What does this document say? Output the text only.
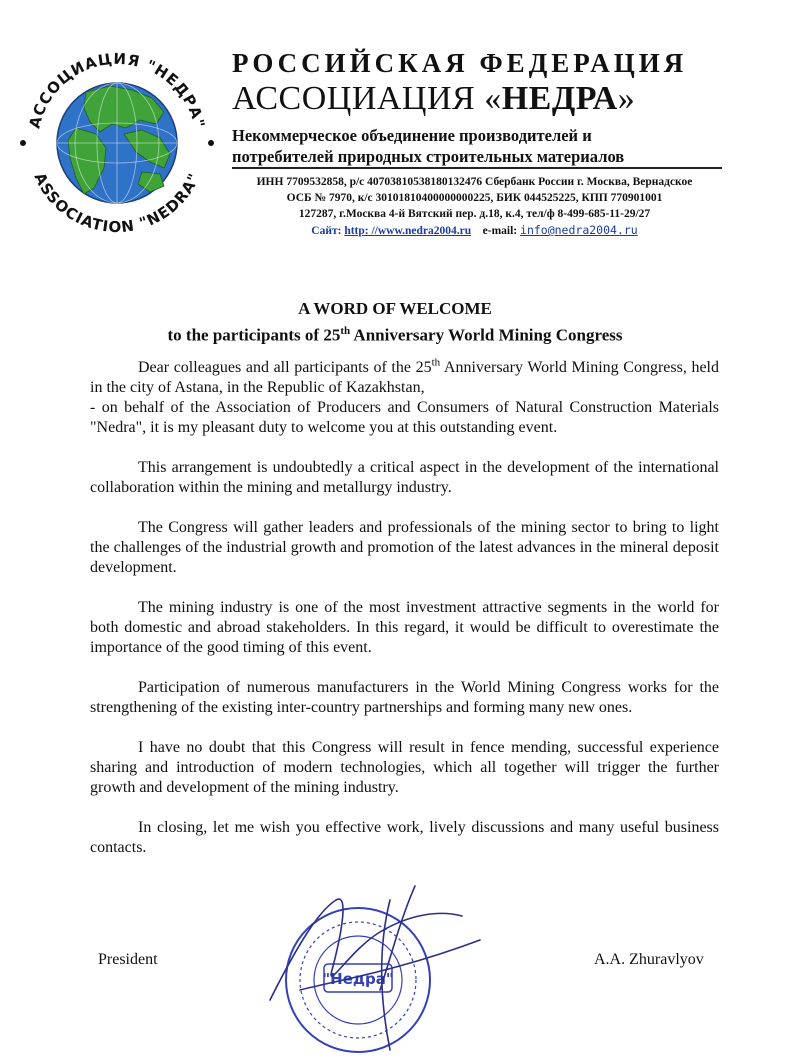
АССОЦИАЦИЯ "НЕДРА"
ASSOCIATION "NEDRA"
РОССИЙСКАЯ ФЕДЕРАЦИЯ
АССОЦИАЦИЯ «НЕДРА»
Некоммерческое объединение производителей и
потребителей природных строительных материалов
ИНН 7709532858, р/с 40703810538180132476 Сбербанк России г. Москва, Вернадское
ОСБ № 7970, к/с 30101810400000000225, БИК 044525225, КПП 770901001
127287, г.Москва 4-й Вятский пер. д.18, к.4, тел/ф 8-499-685-11-29/27
Сайт: http: //www.nedra2004.ru e-mail: info@nedra2004.ru
A WORD OF WELCOME
to the participants of 25th Anniversary World Mining Congress

Dear colleagues and all participants of the 25th Anniversary World Mining Congress, held in the city of Astana, in the Republic of Kazakhstan,

- on behalf of the Association of Producers and Consumers of Natural Construction Materials "Nedra", it is my pleasant duty to welcome you at this outstanding event.

This arrangement is undoubtedly a critical aspect in the development of the international collaboration within the mining and metallurgy industry.

The Congress will gather leaders and professionals of the mining sector to bring to light the challenges of the industrial growth and promotion of the latest advances in the mineral deposit development.

The mining industry is one of the most investment attractive segments in the world for both domestic and abroad stakeholders. In this regard, it would be difficult to overestimate the importance of the good timing of this event.

Participation of numerous manufacturers in the World Mining Congress works for the strengthening of the existing inter-country partnerships and forming many new ones.

I have no doubt that this Congress will result in fence mending, successful experience sharing and introduction of modern technologies, which all together will trigger the further growth and development of the mining industry.

In closing, let me wish you effective work, lively discussions and many useful business contacts.

"Недра"
President	A.A. Zhuravlyov
